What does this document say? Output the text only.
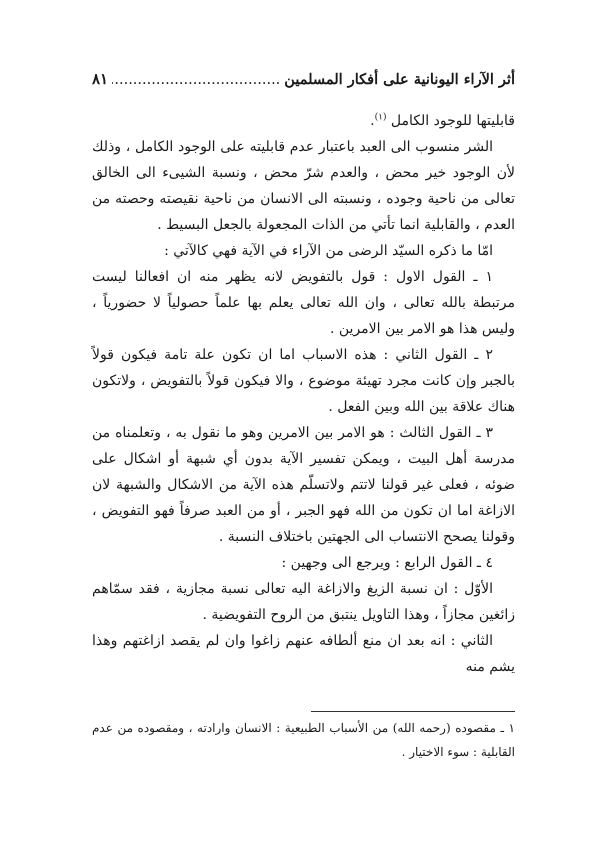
أثر الآراء اليونانية على أفكار المسلمين
.....
٨١

قابليتها للوجود الكامل $^{(١)}$.

الشر منسوب الى العبد باعتبار عدم قابليته على الوجود الكامل ، وذلك لأن الوجود خير محض ، والعدم شرّ محض ، ونسبة الشيىء الى الخالق تعالى من ناحية وجوده ، ونسبته الى الانسان من ناحية نقيصته وحصته من العدم ، والقابلية انما تأتي من الذات المجعولة بالجعل البسيط .

امّا ما ذكره السيّد الرضى من الآراء في الآية فهي كالآتي :

١ ـ القول الاول : قول بالتفويض لانه يظهر منه ان افعالنا ليست مرتبطة بالله تعالى ، وان الله تعالى يعلم بها علماً حصولياً لا حضورياً ، وليس هذا هو الامر بين الامرين .

٢ ـ القول الثاني : هذه الاسباب اما ان تكون علة تامة فيكون قولاً بالجبر وإن كانت مجرد تهيئة موضوع ، والا فيكون قولاً بالتفويض ، ولاتكون هناك علاقة بين الله وبين الفعل .

٣ ـ القول الثالث : هو الامر بين الامرين وهو ما نقول به ، وتعلمناه من مدرسة أهل البيت ، ويمكن تفسير الآية بدون أي شبهة أو اشكال على ضوئه ، فعلى غير قولنا لاتتم ولاتسلّم هذه الآية من الاشكال والشبهة لان الازاغة اما ان تكون من الله فهو الجبر ، أو من العبد صرفاً فهو التفويض ، وقولنا يصحح الانتساب الى الجهتين باختلاف النسبة .

٤ ـ القول الرابع : ويرجع الى وجهين :

الأوّل : ان نسبة الزيغ والازاغة اليه تعالى نسبة مجازية ، فقد سمّاهم زائغين مجازاً ، وهذا التاويل ينتبق من الروح التفويضية .

الثاني : انه بعد ان منع ألطافه عنهم زاغوا وان لم يقصد ازاغتهم وهذا يشم منه

١ ـ مقصوده (رحمه الله) من الأسباب الطبيعية : الانسان وارادته ، ومقصوده من عدم القابلية : سوء الاختيار .
